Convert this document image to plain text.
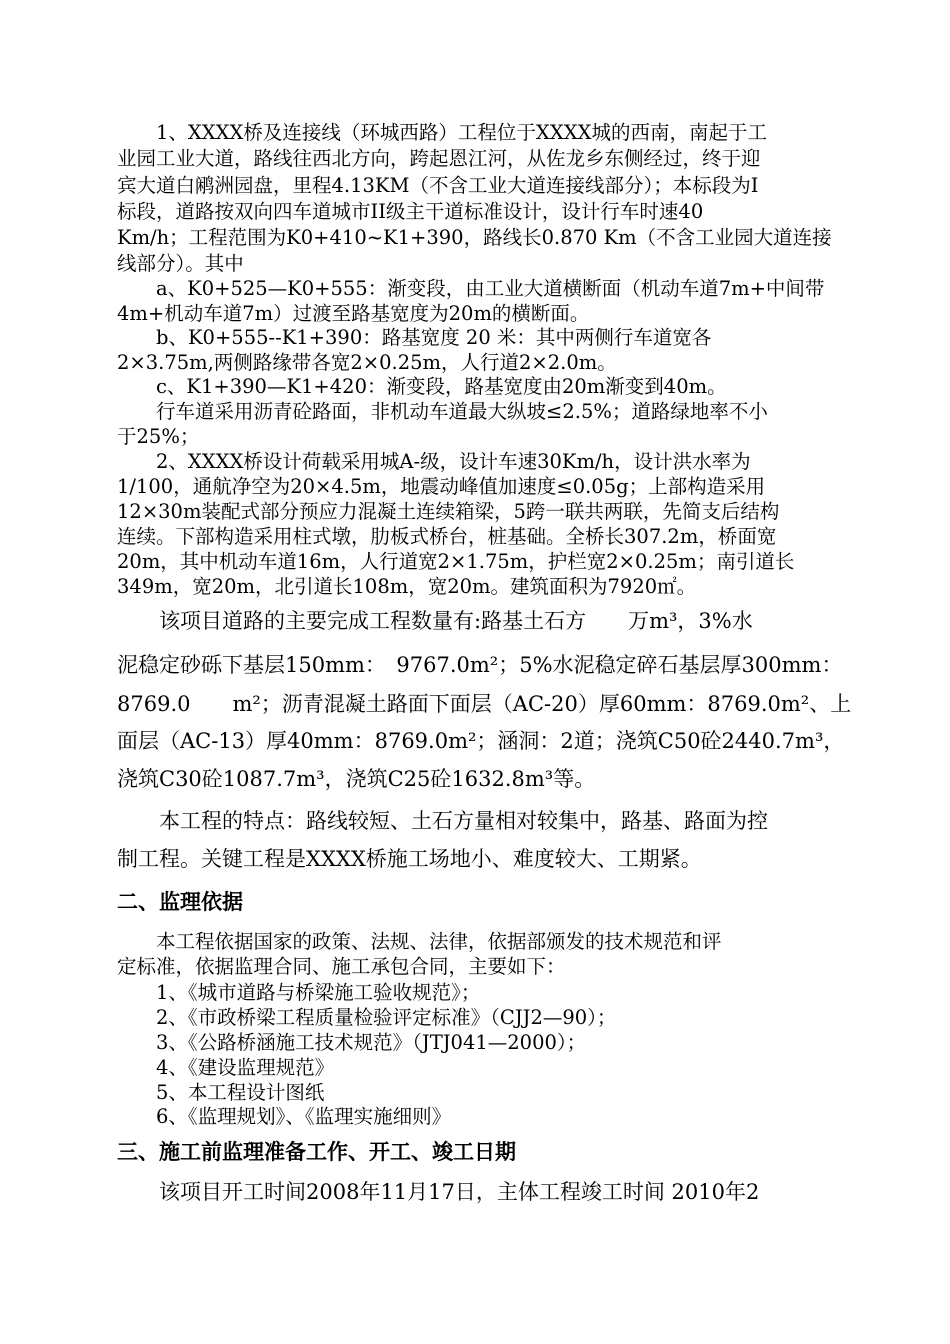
　　1、XXXX桥及连接线（环城西路）工程位于XXXX城的西南，南起于工
业园工业大道，路线往西北方向，跨起恩江河，从佐龙乡东侧经过，终于迎
宾大道白鹇洲园盘，里程4.13KM（不含工业大道连接线部分）；本标段为I
标段，道路按双向四车道城市II级主干道标准设计，设计行车时速40
Km/h；工程范围为K0+410~K1+390，路线长0.870 Km（不含工业园大道连接
线部分）。其中
　　a、K0+525—K0+555：渐变段，由工业大道横断面（机动车道7m+中间带
4m+机动车道7m）过渡至路基宽度为20m的横断面。
　　b、K0+555--K1+390：路基宽度 20 米：其中两侧行车道宽各
2×3.75m,两侧路缘带各宽2×0.25m，人行道2×2.0m。
　　c、K1+390—K1+420：渐变段，路基宽度由20m渐变到40m。
　　行车道采用沥青砼路面，非机动车道最大纵坡≤2.5%；道路绿地率不小
于25%；
　　2、XXXX桥设计荷载采用城A-级，设计车速30Km/h，设计洪水率为
1/100，通航净空为20×4.5m，地震动峰值加速度≤0.05g；上部构造采用
12×30m装配式部分预应力混凝土连续箱梁，5跨一联共两联，先简支后结构
连续。下部构造采用柱式墩，肋板式桥台，桩基础。全桥长307.2m，桥面宽
20m，其中机动车道16m，人行道宽2×1.75m，护栏宽2×0.25m；南引道长
349m，宽20m，北引道长108m，宽20m。建筑面积为7920㎡。
　　该项目道路的主要完成工程数量有:路基土石方　　万m³，3%水
泥稳定砂砾下基层150mm：　9767.0m²；5%水泥稳定碎石基层厚300mm：
8769.0　　m²；沥青混凝土路面下面层（AC-20）厚60mm：8769.0m²、上
面层（AC-13）厚40mm：8769.0m²；涵洞：2道；浇筑C50砼2440.7m³，
浇筑C30砼1087.7m³，浇筑C25砼1632.8m³等。
　　本工程的特点：路线较短、土石方量相对较集中，路基、路面为控
制工程。关键工程是XXXX桥施工场地小、难度较大、工期紧。
二、监理依据
　　本工程依据国家的政策、法规、法律，依据部颁发的技术规范和评
定标准，依据监理合同、施工承包合同，主要如下：
　　1、《城市道路与桥梁施工验收规范》；
　　2、《市政桥梁工程质量检验评定标准》（CJJ2—90）；
　　3、《公路桥涵施工技术规范》（JTJ041—2000）；
　　4、《建设监理规范》
　　5、本工程设计图纸
　　6、《监理规划》、《监理实施细则》
三、施工前监理准备工作、开工、竣工日期
　　该项目开工时间2008年11月17日，主体工程竣工时间 2010年2
